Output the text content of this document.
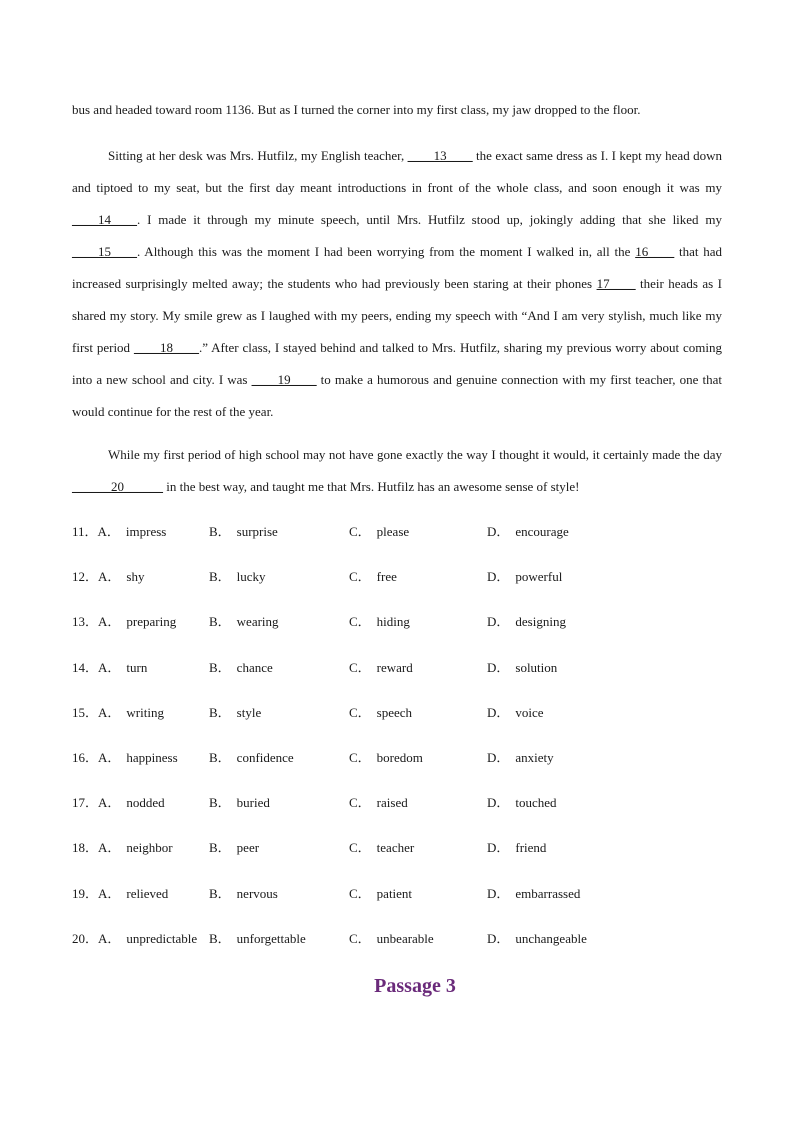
bus and headed toward room 1136. But as I turned the corner into my first class, my jaw dropped to the floor.

Sitting at her desk was Mrs. Hutfilz, my English teacher, ____13____ the exact same dress as I. I kept my head down and tiptoed to my seat, but the first day meant introductions in front of the whole class, and soon enough it was my ____14____. I made it through my minute speech, until Mrs. Hutfilz stood up, jokingly adding that she liked my ____15____. Although this was the moment I had been worrying from the moment I walked in, all the 16____ that had increased surprisingly melted away; the students who had previously been staring at their phones 17____ their heads as I shared my story. My smile grew as I laughed with my peers, ending my speech with “And I am very stylish, much like my first period ____18____.” After class, I stayed behind and talked to Mrs. Hutfilz, sharing my previous worry about coming into a new school and city. I was ____19____ to make a humorous and genuine connection with my first teacher, one that would continue for the rest of the year.

While my first period of high school may not have gone exactly the way I thought it would, it certainly made the day ______20______ in the best way, and taught me that Mrs. Hutfilz has an awesome sense of style!

11．A． impress	B． surprise	C． please	D． encourage
12．A． shy	B． lucky	C． free	D． powerful
13．A． preparing	B． wearing	C． hiding	D． designing
14．A． turn	B． chance	C． reward	D． solution
15．A． writing	B． style	C． speech	D． voice
16．A． happiness B． confidence	C． boredom	D． anxiety
17．A． nodded	B． buried	C． raised	D． touched
18．A． neighbor	B． peer	C． teacher	D． friend
19．A． relieved	B． nervous	C． patient	D． embarrassed
20．A． unpredictable B． unforgettable	C． unbearable	D． unchangeable
Passage 3
